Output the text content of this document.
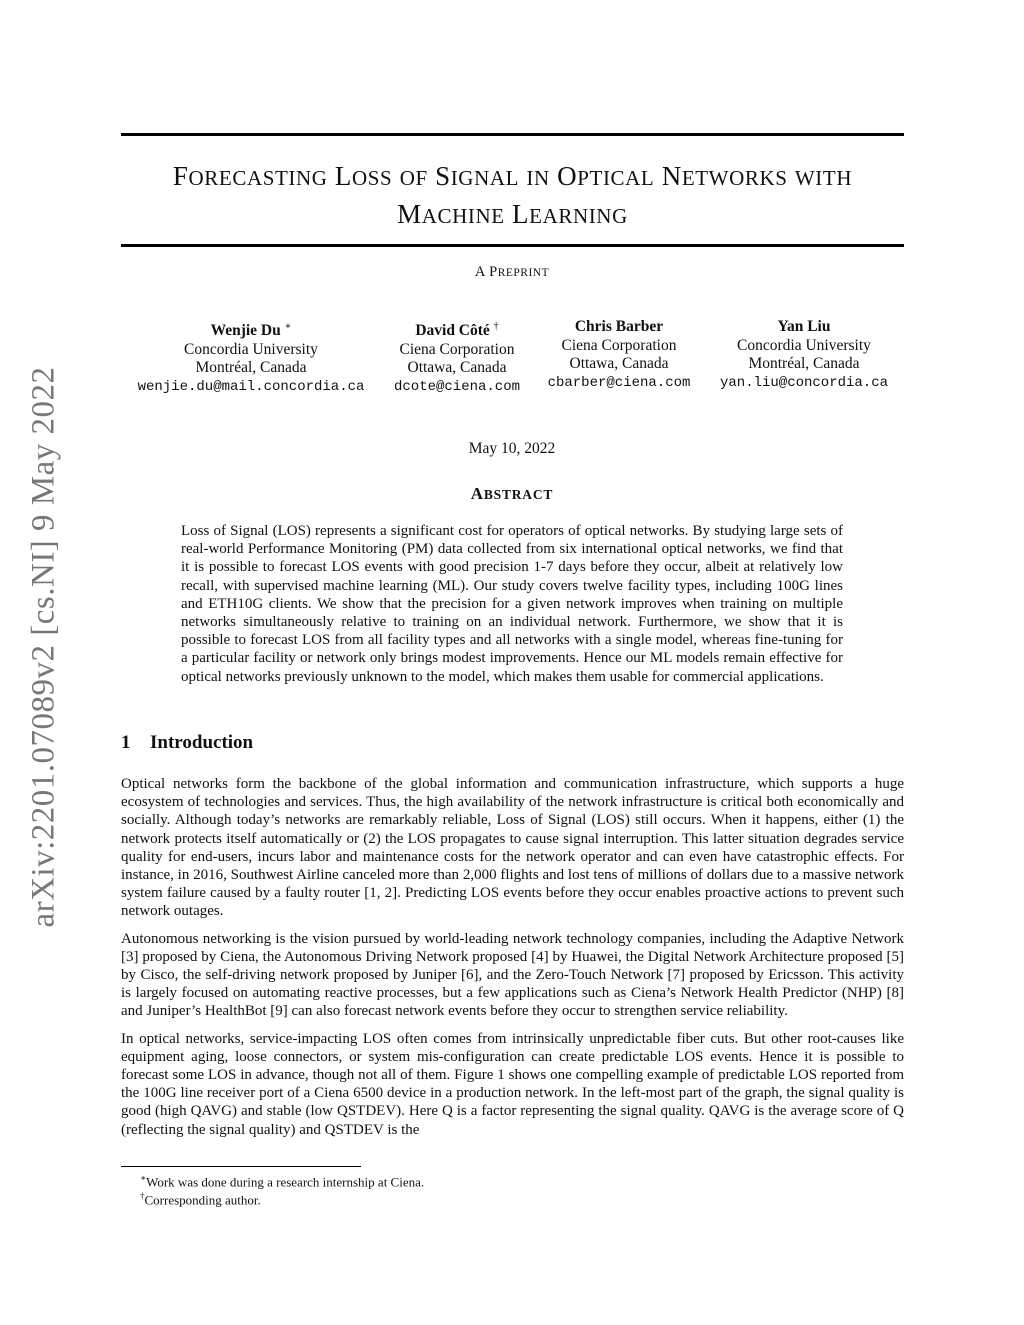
arXiv:2201.07089v2 [cs.NI] 9 May 2022
FORECASTING LOSS OF SIGNAL IN OPTICAL NETWORKS WITH
MACHINE LEARNING
A PREPRINT
Wenjie Du ∗
Concordia University
Montréal, Canada
wenjie.du@mail.concordia.ca
David Côté †
Ciena Corporation
Ottawa, Canada
dcote@ciena.com
Chris Barber
Ciena Corporation
Ottawa, Canada
cbarber@ciena.com
Yan Liu
Concordia University
Montréal, Canada
yan.liu@concordia.ca
May 10, 2022
ABSTRACT
Loss of Signal (LOS) represents a significant cost for operators of optical networks. By studying large sets of real-world Performance Monitoring (PM) data collected from six international optical networks, we find that it is possible to forecast LOS events with good precision 1-7 days before they occur, albeit at relatively low recall, with supervised machine learning (ML). Our study covers twelve facility types, including 100G lines and ETH10G clients. We show that the precision for a given network improves when training on multiple networks simultaneously relative to training on an individual network. Furthermore, we show that it is possible to forecast LOS from all facility types and all networks with a single model, whereas fine-tuning for a particular facility or network only brings modest improvements. Hence our ML models remain effective for optical networks previously unknown to the model, which makes them usable for commercial applications.
1 Introduction

Optical networks form the backbone of the global information and communication infrastructure, which supports a huge ecosystem of technologies and services. Thus, the high availability of the network infrastructure is critical both economically and socially. Although today’s networks are remarkably reliable, Loss of Signal (LOS) still occurs. When it happens, either (1) the network protects itself automatically or (2) the LOS propagates to cause signal interruption. This latter situation degrades service quality for end-users, incurs labor and maintenance costs for the network operator and can even have catastrophic effects. For instance, in 2016, Southwest Airline canceled more than 2,000 flights and lost tens of millions of dollars due to a massive network system failure caused by a faulty router [1, 2]. Predicting LOS events before they occur enables proactive actions to prevent such network outages.

Autonomous networking is the vision pursued by world-leading network technology companies, including the Adaptive Network [3] proposed by Ciena, the Autonomous Driving Network proposed [4] by Huawei, the Digital Network Architecture proposed [5] by Cisco, the self-driving network proposed by Juniper [6], and the Zero-Touch Network [7] proposed by Ericsson. This activity is largely focused on automating reactive processes, but a few applications such as Ciena’s Network Health Predictor (NHP) [8] and Juniper’s HealthBot [9] can also forecast network events before they occur to strengthen service reliability.

In optical networks, service-impacting LOS often comes from intrinsically unpredictable fiber cuts. But other root-causes like equipment aging, loose connectors, or system mis-configuration can create predictable LOS events. Hence it is possible to forecast some LOS in advance, though not all of them. Figure 1 shows one compelling example of predictable LOS reported from the 100G line receiver port of a Ciena 6500 device in a production network. In the left-most part of the graph, the signal quality is good (high QAVG) and stable (low QSTDEV). Here Q is a factor representing the signal quality. QAVG is the average score of Q (reflecting the signal quality) and QSTDEV is the

∗Work was done during a research internship at Ciena.
†Corresponding author.
